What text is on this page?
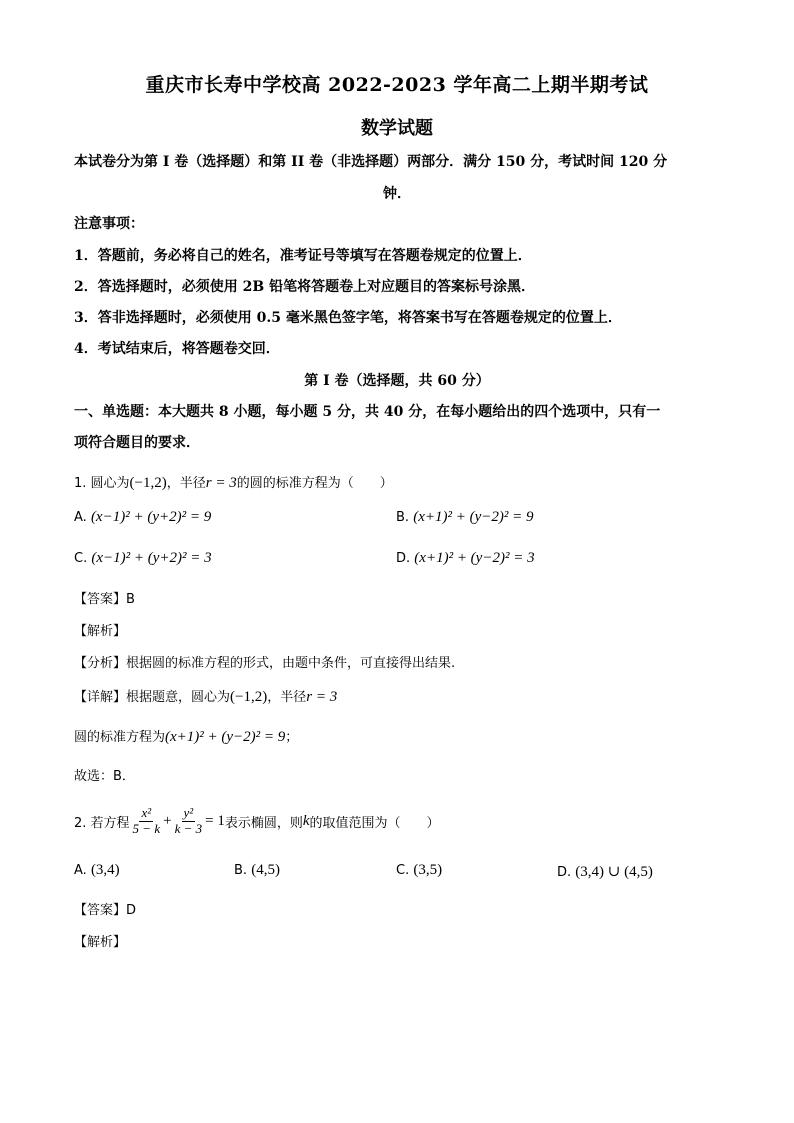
重庆市长寿中学校高 2022-2023 学年高二上期半期考试
数学试题
本试卷分为第 I 卷（选择题）和第 II 卷（非选择题）两部分．满分 150 分，考试时间 120 分
钟．
注意事项：
1．答题前，务必将自己的姓名，准考证号等填写在答题卷规定的位置上．
2．答选择题时，必须使用 2B 铅笔将答题卷上对应题目的答案标号涂黑．
3．答非选择题时，必须使用 0.5 毫米黑色签字笔，将答案书写在答题卷规定的位置上．
4．考试结束后，将答题卷交回．
第 I 卷（选择题，共 60 分）
一、单选题：本大题共 8 小题，每小题 5 分，共 40 分，在每小题给出的四个选项中，只有一
项符合题目的要求．
1. 圆心为(−1,2)，半径r = 3的圆的标准方程为（　　）
A. (x−1)² + (y+2)² = 9	B. (x+1)² + (y−2)² = 9
C. (x−1)² + (y+2)² = 3	D. (x+1)² + (y−2)² = 3
【答案】B
【解析】
【分析】根据圆的标准方程的形式，由题中条件，可直接得出结果.
【详解】根据题意，圆心为(−1,2)，半径r = 3
圆的标准方程为(x+1)² + (y−2)² = 9；
故选：B．
2. 若方程 $\frac{\text{x²}}{5 - k} + \frac{\text{y²}}{k - 3} = 1$ 表示椭圆，则 k 的取值范围为（　　）
A. (3,4)	B. (4,5)	C. (3,5)	D. (3,4) ∪ (4,5)
【答案】D
【解析】
